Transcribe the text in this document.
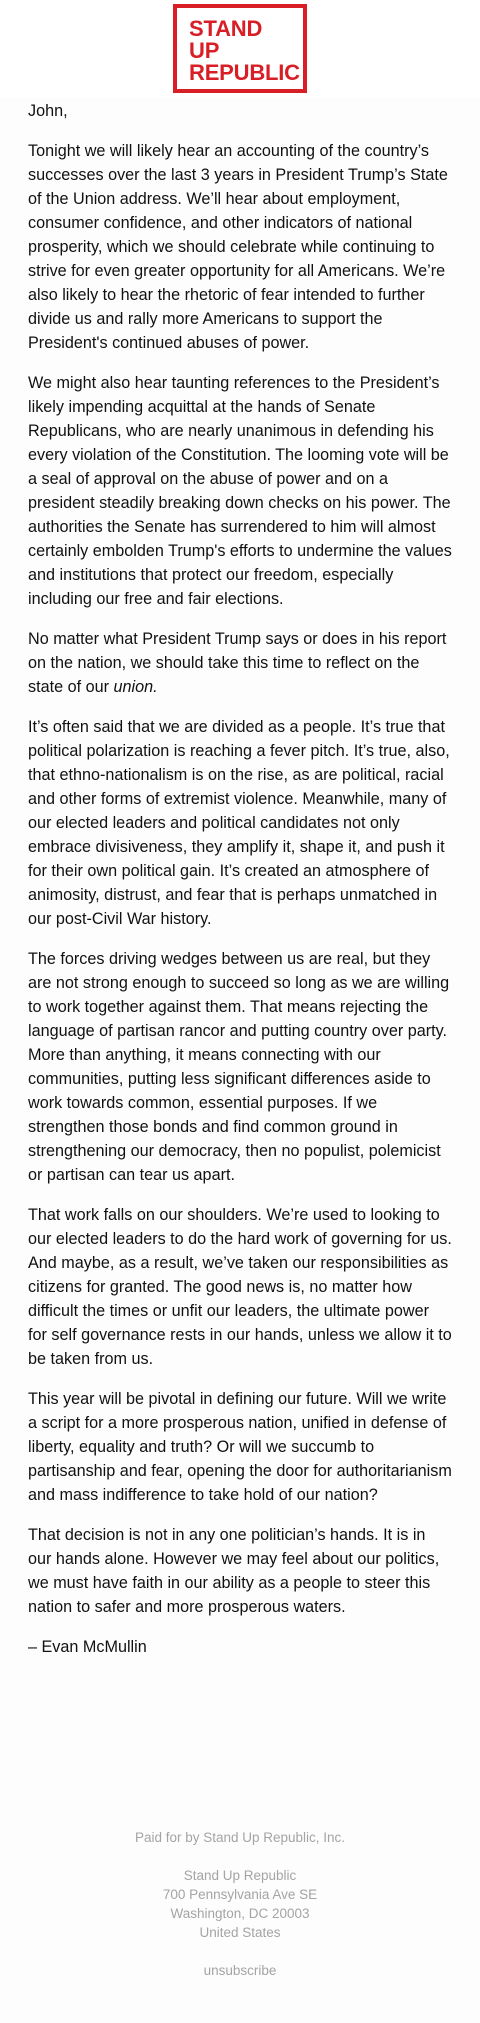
STAND
UP
REPUBLIC

John,

Tonight we will likely hear an accounting of the country’s successes over the last 3 years in President Trump’s State of the Union address. We’ll hear about employment, consumer confidence, and other indicators of national prosperity, which we should celebrate while continuing to strive for even greater opportunity for all Americans. We’re also likely to hear the rhetoric of fear intended to further divide us and rally more Americans to support the President's continued abuses of power.

We might also hear taunting references to the President’s likely impending acquittal at the hands of Senate Republicans, who are nearly unanimous in defending his every violation of the Constitution. The looming vote will be a seal of approval on the abuse of power and on a president steadily breaking down checks on his power. The authorities the Senate has surrendered to him will almost certainly embolden Trump's efforts to undermine the values and institutions that protect our freedom, especially including our free and fair elections.

No matter what President Trump says or does in his report on the nation, we should take this time to reflect on the state of our union.

It’s often said that we are divided as a people. It’s true that political polarization is reaching a fever pitch. It’s true, also, that ethno-nationalism is on the rise, as are political, racial and other forms of extremist violence. Meanwhile, many of our elected leaders and political candidates not only embrace divisiveness, they amplify it, shape it, and push it for their own political gain. It’s created an atmosphere of animosity, distrust, and fear that is perhaps unmatched in our post-Civil War history.

The forces driving wedges between us are real, but they are not strong enough to succeed so long as we are willing to work together against them. That means rejecting the language of partisan rancor and putting country over party. More than anything, it means connecting with our communities, putting less significant differences aside to work towards common, essential purposes. If we strengthen those bonds and find common ground in strengthening our democracy, then no populist, polemicist or partisan can tear us apart.

That work falls on our shoulders. We’re used to looking to our elected leaders to do the hard work of governing for us. And maybe, as a result, we’ve taken our responsibilities as citizens for granted. The good news is, no matter how difficult the times or unfit our leaders, the ultimate power for self governance rests in our hands, unless we allow it to be taken from us.

This year will be pivotal in defining our future. Will we write a script for a more prosperous nation, unified in defense of liberty, equality and truth? Or will we succumb to partisanship and fear, opening the door for authoritarianism and mass indifference to take hold of our nation?

That decision is not in any one politician’s hands. It is in our hands alone. However we may feel about our politics, we must have faith in our ability as a people to steer this nation to safer and more prosperous waters.

– Evan McMullin

Paid for by Stand Up Republic, Inc.
Stand Up Republic
700 Pennsylvania Ave SE
Washington, DC 20003
United States
unsubscribe
